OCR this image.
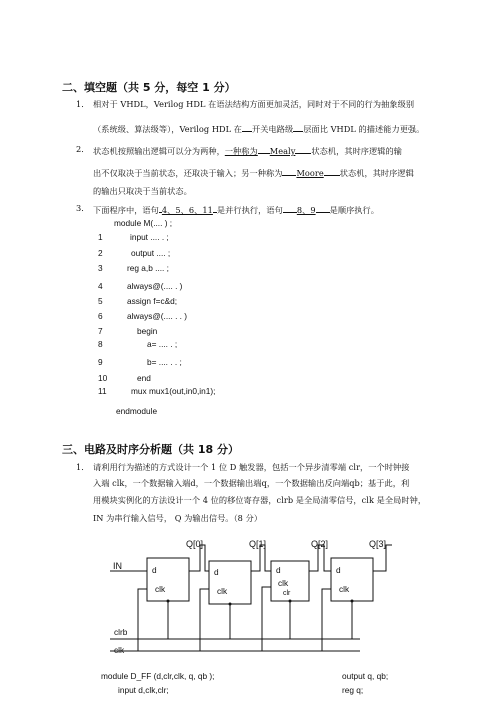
二、填空题（共 5 分，每空 1 分）
1． 相对于 VHDL，Verilog HDL 在语法结构方面更加灵活，同时对于不同的行为抽象级别
（系统级、算法级等），Verilog HDL 在 开关电路级 层面比 VHDL 的描述能力更强。
2． 状态机按照输出逻辑可以分为两种，一种称为 Mealy 状态机，其时序逻辑的输
出不仅取决于当前状态，还取决于输入；另一种称为 Moore 状态机，其时序逻辑
的输出只取决于当前状态。
3． 下面程序中，语句 4、5、6、11 是并行执行，语句 8、9 是顺序执行。
module M(.... ) ;
1	input .... . ;
2	output .... ;
3	reg a,b .... ;
4	always@(.... . )
5	assign f=c&d;
6	always@(.... . . )
7	begin
8	a= .... . ;
9	b= .... . . ;
10	end
11	mux mux1(out,in0,in1);
endmodule
三、电路及时序分析题（共 18 分）
1． 请利用行为描述的方式设计一个 1 位 D 触发器，包括一个异步清零端 clr，一个时钟接
入端 clk，一个数据输入端d，一个数据输出端q，一个数据输出反向端qb；基于此，利
用模块实例化的方法设计一个 4 位的移位寄存器，clrb 是全局清零信号，clk 是全局时钟，
IN 为串行输入信号， Q 为输出信号。（8 分）
IN
Q[0]	Q[1]	Q[2]	Q[3]
d
clk
d
clk
d
clk
clr
d
clk
clrb
clk
module D_FF (d,clr,clk, q, qb );
input d,clk,clr;
output q, qb;
reg q;
